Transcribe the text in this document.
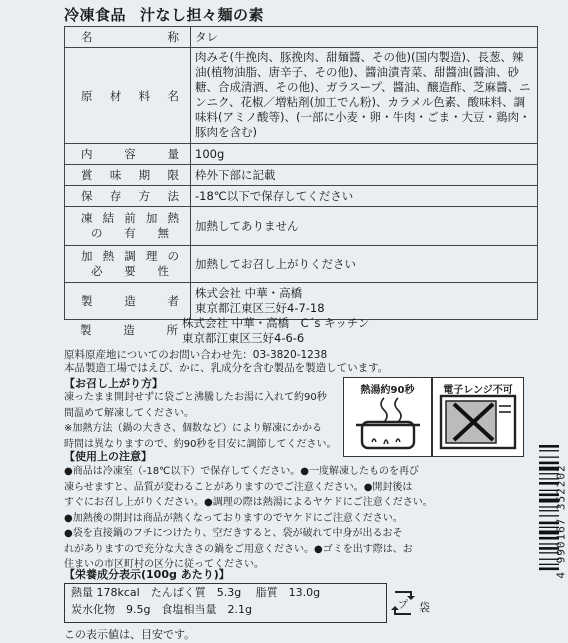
冷凍食品 汁なし担々麺の素
名　称	タレ
原材料名	肉みそ(牛挽肉、豚挽肉、甜麺醬、その他)(国内製造)、長葱、辣油(植物油脂、唐辛子、その他)、醬油漬青菜、甜醬油(醬油、砂糖、合成清酒、その他)、ガラスープ、醬油、醸造酢、芝麻醬、ニンニク、花椒／増粘剤(加工でん粉)、カラメル色素、酸味料、調味料(アミノ酸等)、(一部に小麦・卵・牛肉・ごま・大豆・鶏肉・豚肉を含む)
内容量	100g
賞味期限	枠外下部に記載
保存方法	-18℃以下で保存してください

凍結前加熱
の有無	加熱してありません

加熱調理の
必要性	加熱してお召し上がりください
製造者	株式会社 中華・高橋
東京都江東区三好4-7-18
製造所 株式会社 中華・高橋　C´s キッチン
東京都江東区三好4-6-6
原料原産地についてのお問い合わせ先：03-3820-1238
本品製造工場ではえび、かに、乳成分を含む製品を製造しています。
【お召し上がり方】
凍ったまま開封せずに袋ごと沸騰したお湯に入れて約90秒
間温めて解凍してください。
※加熱方法（鍋の大きさ、個数など）により解凍にかかる
時間は異なりますので、約90秒を目安に調節してください。
熱湯約90秒	電子レンジ不可
【使用上の注意】
●商品は冷凍室（-18℃以下）で保存してください。●一度解凍したものを再び
凍らせますと、品質が変わることがありますのでご注意ください。●開封後は
すぐにお召し上がりください。●調理の際は熱湯によるヤケドにご注意ください。
●加熱後の開封は商品が熱くなっておりますのでヤケドにご注意ください。
●袋を直接鍋のフチにつけたり、空だきすると、袋が破れて中身が出るおそ
れがありますので充分な大きさの鍋をご用意ください。●ゴミを出す際は、お
住まいの市区町村の区分に従ってください。	4 990167 352202
【栄養成分表示(100g あたり)】
熱量 178kcal　たんぱく質　5.3g　 脂質　13.0g
炭水化物　9.5g　食塩相当量　2.1g	プ 袋
この表示値は、目安です。
